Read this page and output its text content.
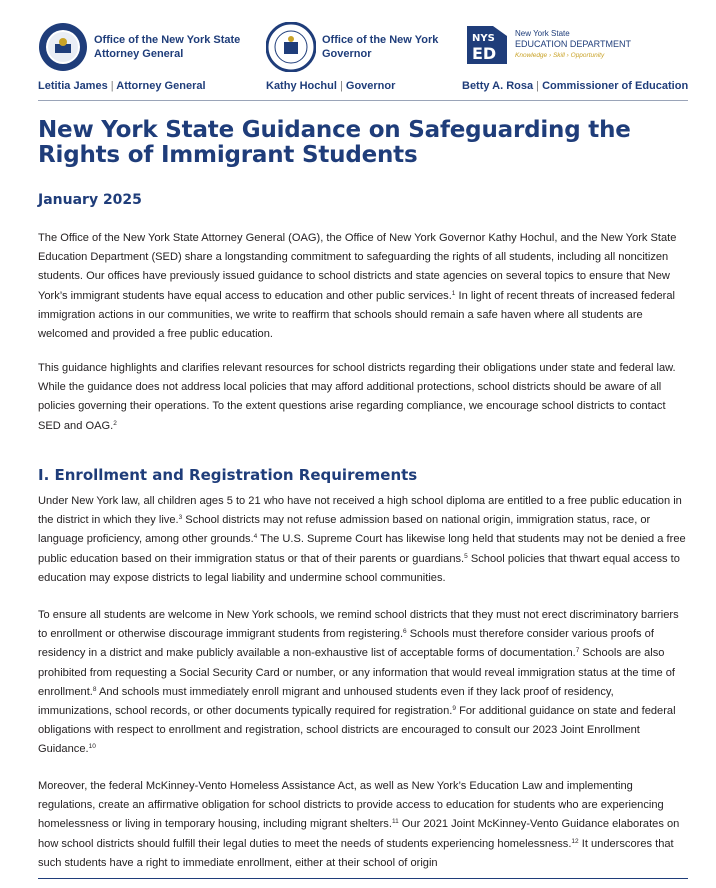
Office of the New York State Attorney General
Office of the New York Governor
NYS
ED
New York State
EDUCATION DEPARTMENT
Knowledge › Skill › Opportunity
Letitia James | Attorney General	Kathy Hochul | Governor	Betty A. Rosa | Commissioner of Education
New York State Guidance on Safeguarding the Rights of Immigrant Students
January 2025

The Office of the New York State Attorney General (OAG), the Office of New York Governor Kathy Hochul, and the New York State Education Department (SED) share a longstanding commitment to safeguarding the rights of all students, including all noncitizen students. Our offices have previously issued guidance to school districts and state agencies on several topics to ensure that New York’s immigrant students have equal access to education and other public services.$^1$ In light of recent threats of increased federal immigration actions in our communities, we write to reaffirm that schools should remain a safe haven where all students are welcomed and provided a free public education.

This guidance highlights and clarifies relevant resources for school districts regarding their obligations under state and federal law. While the guidance does not address local policies that may afford additional protections, school districts should be aware of all policies governing their operations. To the extent questions arise regarding compliance, we encourage school districts to contact SED and OAG.$^2$

I. Enrollment and Registration Requirements

Under New York law, all children ages 5 to 21 who have not received a high school diploma are entitled to a free public education in the district in which they live.$^3$ School districts may not refuse admission based on national origin, immigration status, race, or language proficiency, among other grounds.$^4$ The U.S. Supreme Court has likewise long held that students may not be denied a free public education based on their immigration status or that of their parents or guardians.$^5$ School policies that thwart equal access to education may expose districts to legal liability and undermine school communities.

To ensure all students are welcome in New York schools, we remind school districts that they must not erect discriminatory barriers to enrollment or otherwise discourage immigrant students from registering.$^6$ Schools must therefore consider various proofs of residency in a district and make publicly available a non-exhaustive list of acceptable forms of documentation.$^7$ Schools are also prohibited from requesting a Social Security Card or number, or any information that would reveal immigration status at the time of enrollment.$^8$ And schools must immediately enroll migrant and unhoused students even if they lack proof of residency, immunizations, school records, or other documents typically required for registration.$^9$ For additional guidance on state and federal obligations with respect to enrollment and registration, school districts are encouraged to consult our 2023 Joint Enrollment Guidance.$^{10}$

Moreover, the federal McKinney-Vento Homeless Assistance Act, as well as New York’s Education Law and implementing regulations, create an affirmative obligation for school districts to provide access to education for students who are experiencing homelessness or living in temporary housing, including migrant shelters.$^{11}$ Our 2021 Joint McKinney-Vento Guidance elaborates on how school districts should fulfill their legal duties to meet the needs of students experiencing homelessness.$^{12}$ It underscores that such students have a right to immediate enrollment, either at their school of origin
